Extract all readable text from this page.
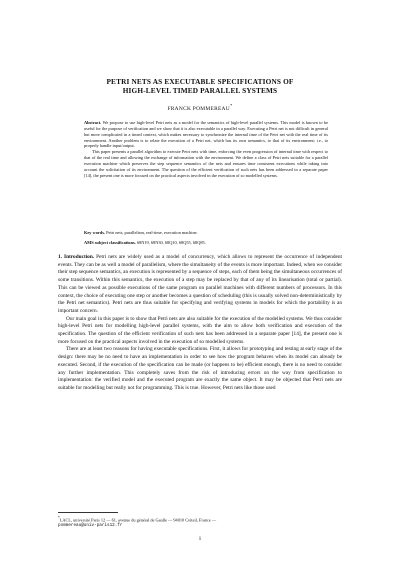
PETRI NETS AS EXECUTABLE SPECIFICATIONS OF
HIGH-LEVEL TIMED PARALLEL SYSTEMS
FRANCK POMMEREAU*

Abstract. We propose to use high-level Petri nets as a model for the semantics of high-level parallel systems. This model is known to be useful for the purpose of verification and we show that it is also executable in a parallel way. Executing a Petri net is not difficult in general but more complicated in a timed context, which makes necessary to synchronize the internal time of the Petri net with the real time of its environment. Another problem is to relate the execution of a Petri net, which has its own semantics, to that of its environment; i.e., to properly handle input/output.

This paper presents a parallel algorithm to execute Petri nets with time, enforcing the even progression of internal time with respect to that of the real time and allowing the exchange of information with the environment. We define a class of Petri nets suitable for a parallel execution machine which preserves the step sequence semantics of the nets and ensures time consistent executions while taking into account the solicitation of its environment. The question of the efficient verification of such nets has been addressed in a separate paper [14], the present one is more focused on the practical aspects involved in the execution of so modelled systems.

Key words. Petri nets, parallelism, real-time, execution machine.
AMS subject classifications. 68N19, 68N30, 68Q10, 68Q55, 68Q85.

1. Introduction. Petri nets are widely used as a model of concurrency, which allows to represent the occurrence of independent events. They can be as well a model of parallelism, where the simultaneity of the events is more important. Indeed, when we consider their step sequence semantics, an execution is represented by a sequence of steps, each of them being the simultaneous occurrences of some transitions. Within this semantics, the execution of a step may be replaced by that of any of its linearisation (total or partial). This can be viewed as possible executions of the same program on parallel machines with different numbers of processors. In this context, the choice of executing one step or another becomes a question of scheduling (this is usually solved non-deterministically by the Petri net semantics). Petri nets are thus suitable for specifying and verifying systems in models for which the portability is an important concern.

Our main goal in this paper is to show that Petri nets are also suitable for the execution of the modelled systems. We thus consider high-level Petri nets for modelling high-level parallel systems, with the aim to allow both verification and execution of the specification. The question of the efficient verification of such nets has been addressed in a separate paper [14], the present one is more focused on the practical aspects involved in the execution of so modelled systems.

There are at least two reasons for having executable specifications. First, it allows for prototyping and testing at early stage of the design: there may be no need to have an implementation in order to see how the program behaves when its model can already be executed. Second, if the execution of the specification can be made (or happens to be) efficient enough, there is no need to consider any further implementation. This completely saves from the risk of introducing errors on the way from specification to implementation: the verified model and the executed program are exactly the same object. It may be objected that Petri nets are suitable for modelling but really not for programming. This is true. However, Petri nets like those used

*LACL, université Paris 12 — 61, avenue du général de Gaulle — 94010 Créteil, France —
pommereau@univ-paris12.fr
1
